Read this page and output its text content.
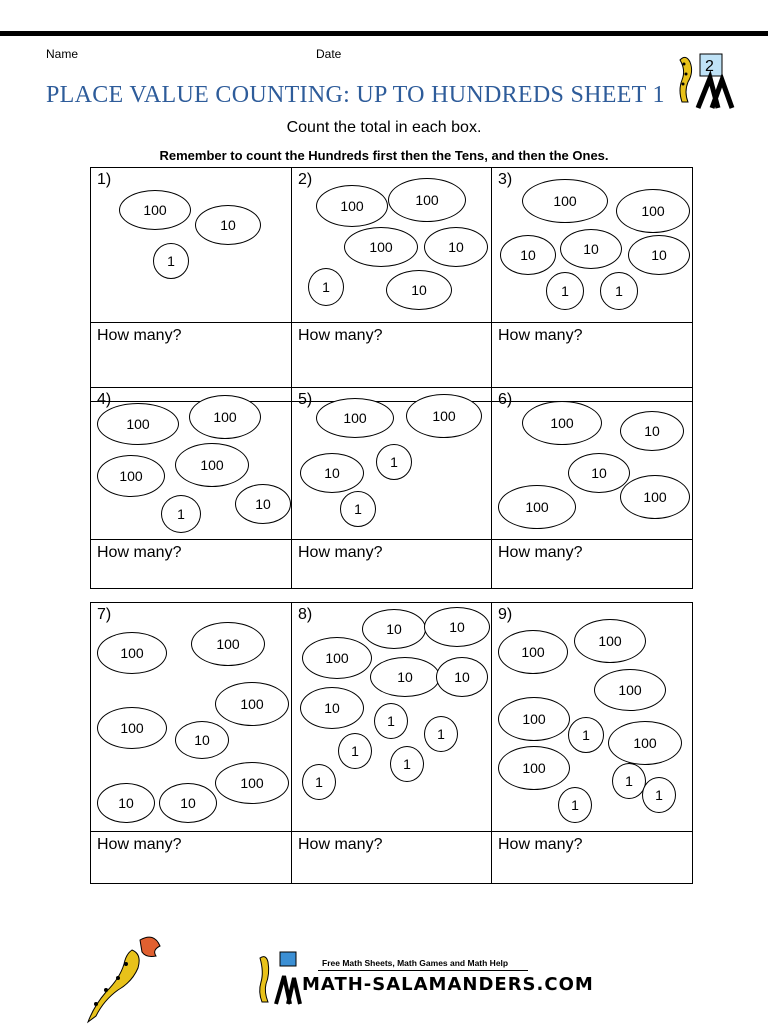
Name	Date
PLACE VALUE COUNTING: UP TO HUNDREDS SHEET 1
Count the total in each box.
Remember to count the Hundreds first then the Tens, and then the Ones.
2
1)
100
10
1
How many?
2)
100	100
100	10
1	10
How many?
3)
100
100
10	10	10
1	1
How many?
4)
100	100
100
100
1
10
How many?
5)
100	100
10
1
1
How many?
6)
100	10
10
100
100
How many?
7)
100
100
100
100
10
100
10	10
How many?
8)
10	10
100
10	10
10
1
1
1
1
1
How many?
9)
100
100
100
100
1	100
100
1
1
1
How many?
Free Math Sheets, Math Games and Math Help
MATH-SALAMANDERS.COM
